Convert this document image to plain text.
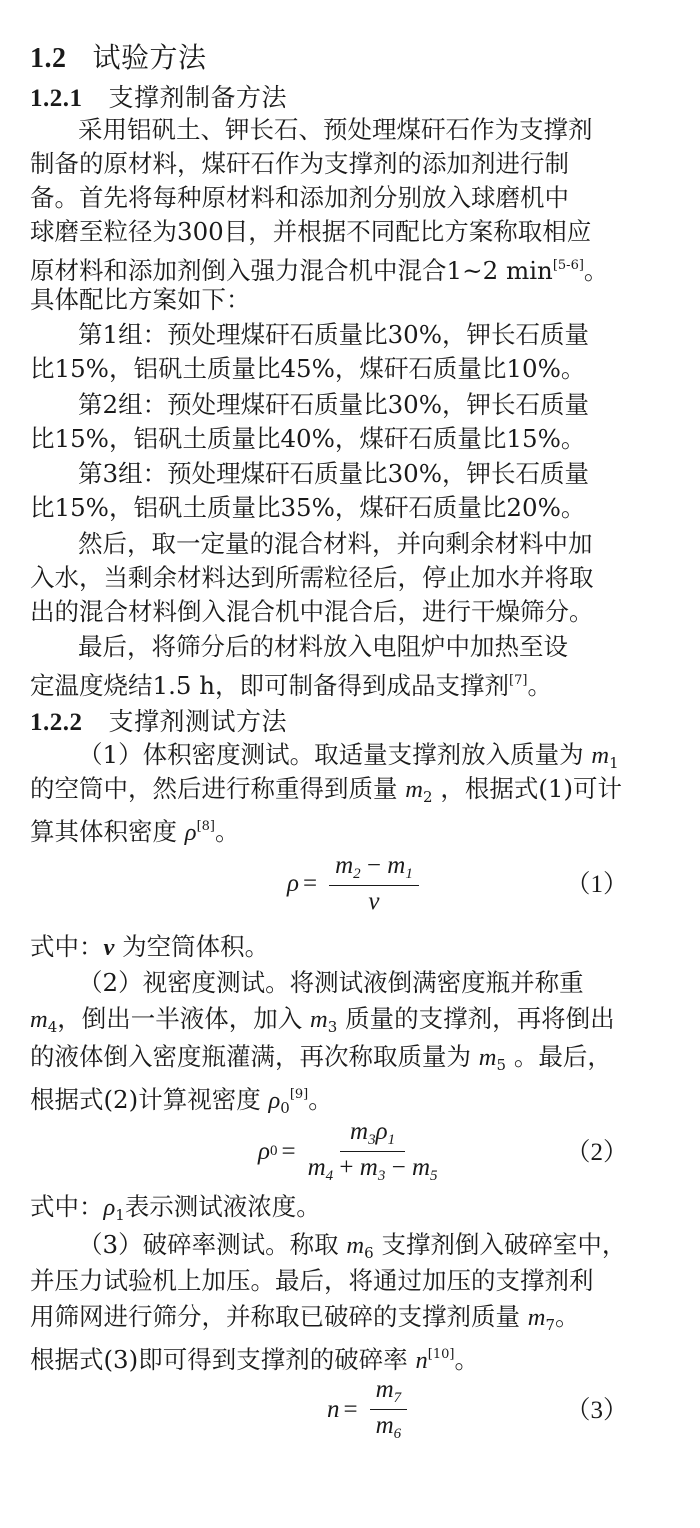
1.2 试验方法
1.2.1 支撑剂制备方法
采用铝矾土、钾长石、预处理煤矸石作为支撑剂
制备的原材料，煤矸石作为支撑剂的添加剂进行制
备。首先将每种原材料和添加剂分别放入球磨机中
球磨至粒径为300目，并根据不同配比方案称取相应
原材料和添加剂倒入强力混合机中混合1~2 min[5-6]。
具体配比方案如下：
第1组：预处理煤矸石质量比30%，钾长石质量
比15%，铝矾土质量比45%，煤矸石质量比10%。
第2组：预处理煤矸石质量比30%，钾长石质量
比15%，铝矾土质量比40%，煤矸石质量比15%。
第3组：预处理煤矸石质量比30%，钾长石质量
比15%，铝矾土质量比35%，煤矸石质量比20%。
然后，取一定量的混合材料，并向剩余材料中加
入水，当剩余材料达到所需粒径后，停止加水并将取
出的混合材料倒入混合机中混合后，进行干燥筛分。
最后，将筛分后的材料放入电阻炉中加热至设
定温度烧结1.5 h，即可制备得到成品支撑剂[7]。
1.2.2 支撑剂测试方法
（1）体积密度测试。取适量支撑剂放入质量为 $m_1$
的空筒中，然后进行称重得到质量 $m_2$ ，根据式(1)可计
算其体积密度 ρ[8]。
$\rho = \frac{m_2 - m_1}{v}$	（1）
式中：v 为空筒体积。
（2）视密度测试。将测试液倒满密度瓶并称重
$m_4$，倒出一半液体，加入 $m_3$ 质量的支撑剂，再将倒出
的液体倒入密度瓶灌满，再次称取质量为 $m_5$ 。最后，
根据式(2)计算视密度 $\rho_0[9]$。
ρ $0 = \frac{m_3\rho_1}{m_4 + m_3 - m_5}$	（2）
式中：$\rho_1$表示测试液浓度。
（3）破碎率测试。称取 $m_6$ 支撑剂倒入破碎室中，
并压力试验机上加压。最后，将通过加压的支撑剂利
用筛网进行筛分，并称取已破碎的支撑剂质量 $m_7$。
根据式(3)即可得到支撑剂的破碎率 n[10]。
$n = \frac{m_7}{m_6}$	（3）
